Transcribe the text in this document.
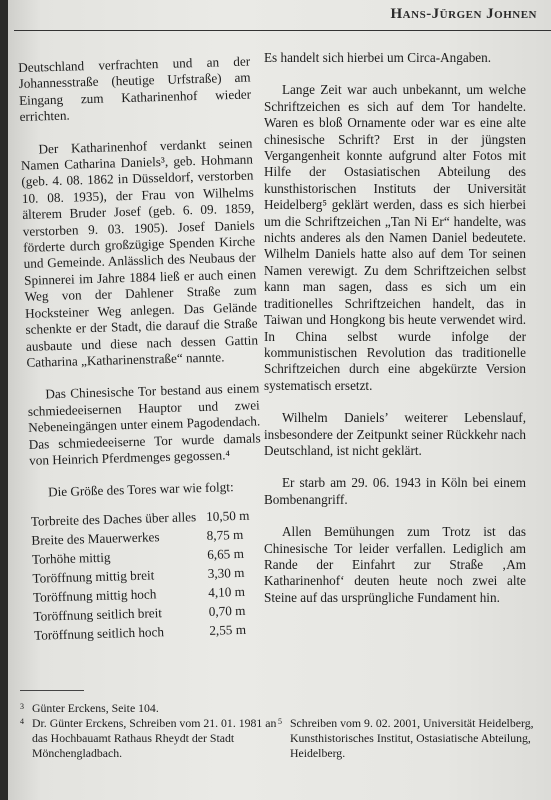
Hans-Jürgen Johnen

Deutschland verfrachten und an der Johannesstraße (heutige Urfstraße) am Eingang zum Katharinenhof wieder errichten.

Der Katharinenhof verdankt seinen Namen Catharina Daniels³, geb. Hohmann (geb. 4. 08. 1862 in Düsseldorf, verstorben 10. 08. 1935), der Frau von Wilhelms älterem Bruder Josef (geb. 6. 09. 1859, verstorben 9. 03. 1905). Josef Daniels förderte durch großzügige Spenden Kirche und Gemeinde. Anlässlich des Neubaus der Spinnerei im Jahre 1884 ließ er auch einen Weg von der Dahlener Straße zum Hocksteiner Weg anlegen. Das Gelände schenkte er der Stadt, die darauf die Straße ausbaute und diese nach dessen Gattin Catharina „Katharinenstraße“ nannte.

Das Chinesische Tor bestand aus einem schmiedeeisernen Hauptor und zwei Nebeneingängen unter einem Pagodendach. Das schmiedeeiserne Tor wurde damals von Heinrich Pferdmenges gegossen.⁴

Die Größe des Tores war wie folgt:

Torbreite des Daches über alles	10,50 m
Breite des Mauerwerkes	8,75 m
Torhöhe mittig	6,65 m
Toröffnung mittig breit	3,30 m
Toröffnung mittig hoch	4,10 m
Toröffnung seitlich breit	0,70 m
Toröffnung seitlich hoch	2,55 m

Es handelt sich hierbei um Circa-Angaben.

Lange Zeit war auch unbekannt, um welche Schriftzeichen es sich auf dem Tor handelte. Waren es bloß Ornamente oder war es eine alte chinesische Schrift? Erst in der jüngsten Vergangenheit konnte aufgrund alter Fotos mit Hilfe der Ostasiatischen Abteilung des kunsthistorischen Instituts der Universität Heidelberg⁵ geklärt werden, dass es sich hierbei um die Schriftzeichen „Tan Ni Er“ handelte, was nichts anderes als den Namen Daniel bedeutete. Wilhelm Daniels hatte also auf dem Tor seinen Namen verewigt. Zu dem Schriftzeichen selbst kann man sagen, dass es sich um ein traditionelles Schriftzeichen handelt, das in Taiwan und Hongkong bis heute verwendet wird. In China selbst wurde infolge der kommunistischen Revolution das traditionelle Schriftzeichen durch eine abgekürzte Version systematisch ersetzt.

Wilhelm Daniels’ weiterer Lebenslauf, insbesondere der Zeitpunkt seiner Rückkehr nach Deutschland, ist nicht geklärt.

Er starb am 29. 06. 1943 in Köln bei einem Bombenangriff.

Allen Bemühungen zum Trotz ist das Chinesische Tor leider verfallen. Lediglich am Rande der Einfahrt zur Straße ‚Am Katharinenhof‘ deuten heute noch zwei alte Steine auf das ursprüngliche Fundament hin.

3 Günter Erckens, Seite 104.
4 Dr. Günter Erckens, Schreiben vom 21. 01. 1981 an das Hochbauamt Rathaus Rheydt der Stadt Mönchengladbach.
5 Schreiben vom 9. 02. 2001, Universität Heidelberg, Kunsthistorisches Institut, Ostasiatische Abteilung, Heidelberg.
